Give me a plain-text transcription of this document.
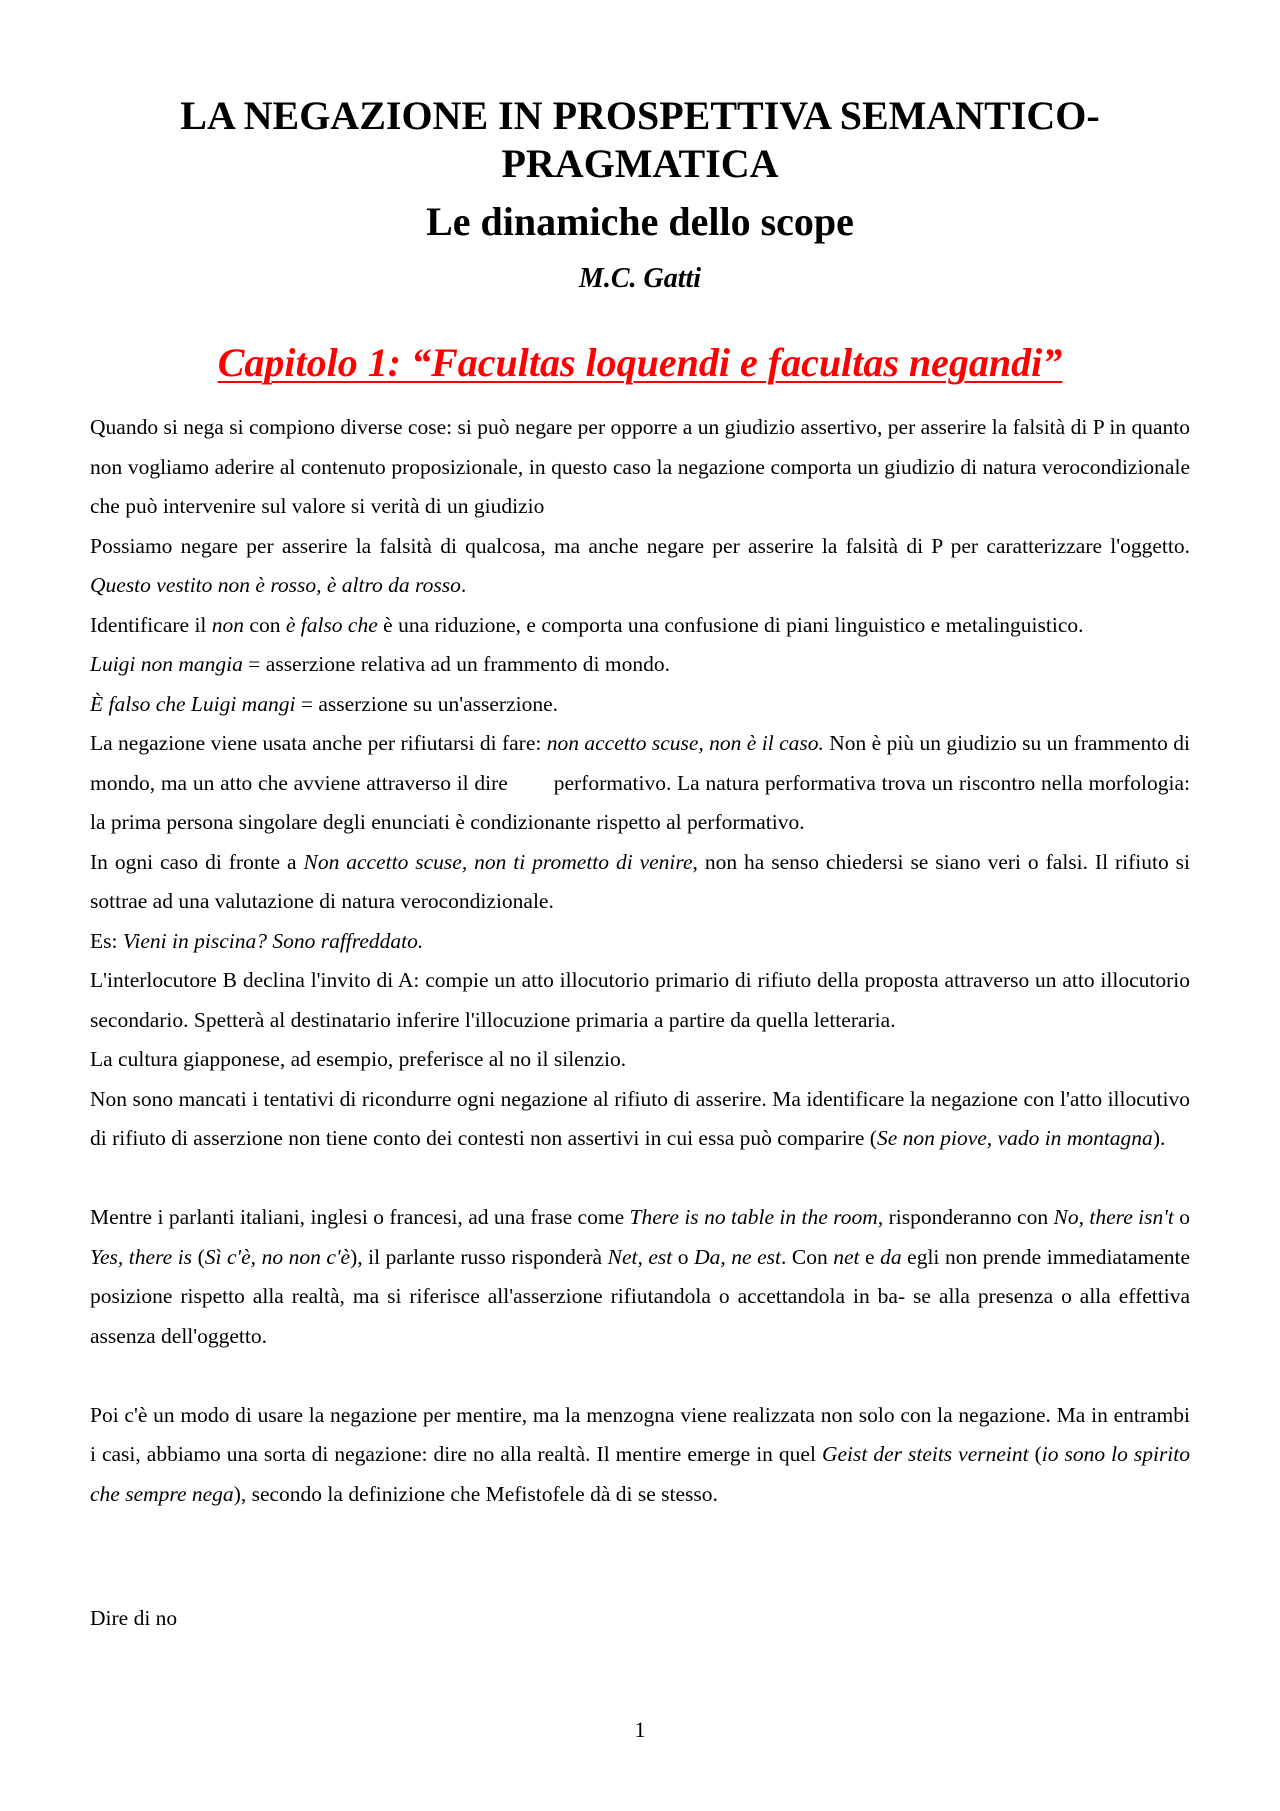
LA NEGAZIONE IN PROSPETTIVA SEMANTICO-
PRAGMATICA
Le dinamiche dello scope
M.C. Gatti
Capitolo 1: “Facultas loquendi e facultas negandi”

Quando si nega si compiono diverse cose: si può negare per opporre a un giudizio assertivo, per asserire la falsità di P in quanto non vogliamo aderire al contenuto proposizionale, in questo caso la negazione comporta un giudizio di natura verocondizionale che può intervenire sul valore si verità di un giudizio

Possiamo negare per asserire la falsità di qualcosa, ma anche negare per asserire la falsità di P per caratterizzare l'oggetto. Questo vestito non è rosso, è altro da rosso.

Identificare il non con è falso che è una riduzione, e comporta una confusione di piani linguistico e metalinguistico.

Luigi non mangia = asserzione relativa ad un frammento di mondo.

È falso che Luigi mangi = asserzione su un'asserzione.

La negazione viene usata anche per rifiutarsi di fare: non accetto scuse, non è il caso. Non è più un giudizio su un frammento di mondo, ma un atto che avviene attraverso il dire performativo. La natura performativa trova un riscontro nella morfologia: la prima persona singolare degli enunciati è condizionante rispetto al performativo.

In ogni caso di fronte a Non accetto scuse, non ti prometto di venire, non ha senso chiedersi se siano veri o falsi. Il rifiuto si sottrae ad una valutazione di natura verocondizionale.

Es: Vieni in piscina? Sono raffreddato.

L'interlocutore B declina l'invito di A: compie un atto illocutorio primario di rifiuto della proposta attraverso un atto illocutorio secondario. Spetterà al destinatario inferire l'illocuzione primaria a partire da quella letteraria.

La cultura giapponese, ad esempio, preferisce al no il silenzio.

Non sono mancati i tentativi di ricondurre ogni negazione al rifiuto di asserire. Ma identificare la negazione con l'atto illocutivo di rifiuto di asserzione non tiene conto dei contesti non assertivi in cui essa può comparire (Se non piove, vado in montagna).

Mentre i parlanti italiani, inglesi o francesi, ad una frase come There is no table in the room, risponderanno con No, there isn't o Yes, there is (Sì c'è, no non c'è), il parlante russo risponderà Net, est o Da, ne est. Con net e da egli non prende immediatamente posizione rispetto alla realtà, ma si riferisce all'asserzione rifiutandola o accettandola in ba- se alla presenza o alla effettiva assenza dell'oggetto.

Poi c'è un modo di usare la negazione per mentire, ma la menzogna viene realizzata non solo con la negazione. Ma in entrambi i casi, abbiamo una sorta di negazione: dire no alla realtà. Il mentire emerge in quel Geist der steits verneint (io sono lo spirito che sempre nega), secondo la definizione che Mefistofele dà di se stesso.

Dire di no

1
